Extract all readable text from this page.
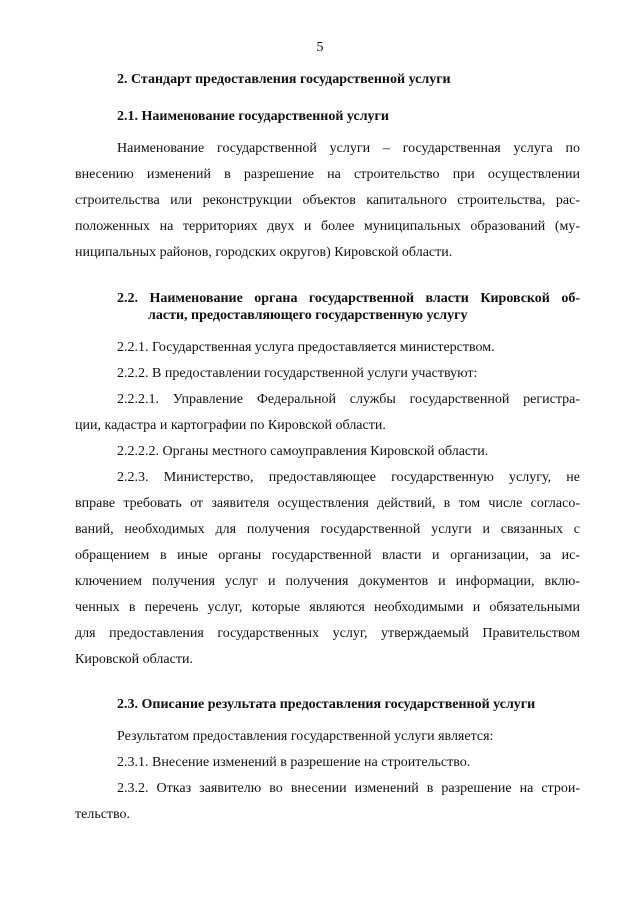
5
2. Стандарт предоставления государственной услуги
2.1. Наименование государственной услуги
Наименование государственной услуги – государственная услуга по
внесению изменений в разрешение на строительство при осуществлении
строительства или реконструкции объектов капитального строительства, рас-
положенных на территориях двух и более муниципальных образований (му-
ниципальных районов, городских округов) Кировской области.
2.2. Наименование органа государственной власти Кировской об-
ласти, предоставляющего государственную услугу
2.2.1. Государственная услуга предоставляется министерством.
2.2.2. В предоставлении государственной услуги участвуют:
2.2.2.1. Управление Федеральной службы государственной регистра-
ции, кадастра и картографии по Кировской области.
2.2.2.2. Органы местного самоуправления Кировской области.
2.2.3. Министерство, предоставляющее государственную услугу, не
вправе требовать от заявителя осуществления действий, в том числе согласо-
ваний, необходимых для получения государственной услуги и связанных с
обращением в иные органы государственной власти и организации, за ис-
ключением получения услуг и получения документов и информации, вклю-
ченных в перечень услуг, которые являются необходимыми и обязательными
для предоставления государственных услуг, утверждаемый Правительством
Кировской области.
2.3. Описание результата предоставления государственной услуги
Результатом предоставления государственной услуги является:
2.3.1. Внесение изменений в разрешение на строительство.
2.3.2. Отказ заявителю во внесении изменений в разрешение на строи-
тельство.
